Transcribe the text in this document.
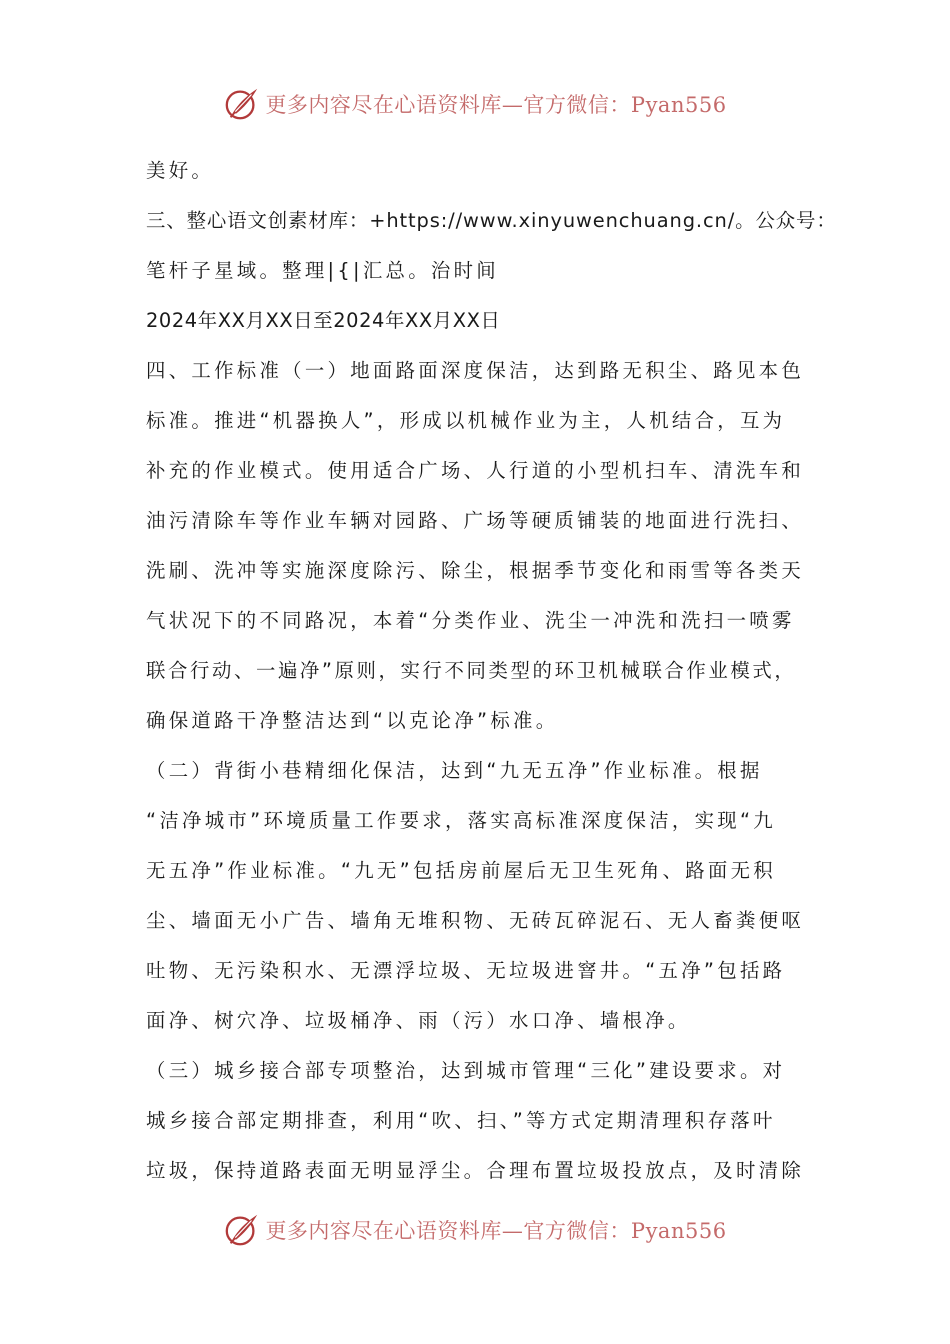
更多内容尽在心语资料库—官方微信：Pyan556
美好。
三、整心语文创素材库：+https://www.xinyuwenchuang.cn/。公众号：
笔杆子星域。整理|{|汇总。治时间
2024年XX月XX日至2024年XX月XX日
四、工作标准（一）地面路面深度保洁，达到路无积尘、路见本色
标准。推进“机器换人”，形成以机械作业为主，人机结合，互为
补充的作业模式。使用适合广场、人行道的小型机扫车、清洗车和
油污清除车等作业车辆对园路、广场等硬质铺装的地面进行洗扫、
洗刷、洗冲等实施深度除污、除尘，根据季节变化和雨雪等各类天
气状况下的不同路况，本着“分类作业、洗尘一冲洗和洗扫一喷雾
联合行动、一遍净”原则，实行不同类型的环卫机械联合作业模式，
确保道路干净整洁达到“以克论净”标准。
（二）背街小巷精细化保洁，达到“九无五净”作业标准。根据
“洁净城市”环境质量工作要求，落实高标准深度保洁，实现“九
无五净”作业标准。“九无”包括房前屋后无卫生死角、路面无积
尘、墙面无小广告、墙角无堆积物、无砖瓦碎泥石、无人畜粪便呕
吐物、无污染积水、无漂浮垃圾、无垃圾进窨井。“五净”包括路
面净、树穴净、垃圾桶净、雨（污）水口净、墙根净。
（三）城乡接合部专项整治，达到城市管理“三化”建设要求。对
城乡接合部定期排查，利用“吹、扫、”等方式定期清理积存落叶
垃圾，保持道路表面无明显浮尘。合理布置垃圾投放点，及时清除
更多内容尽在心语资料库—官方微信：Pyan556
